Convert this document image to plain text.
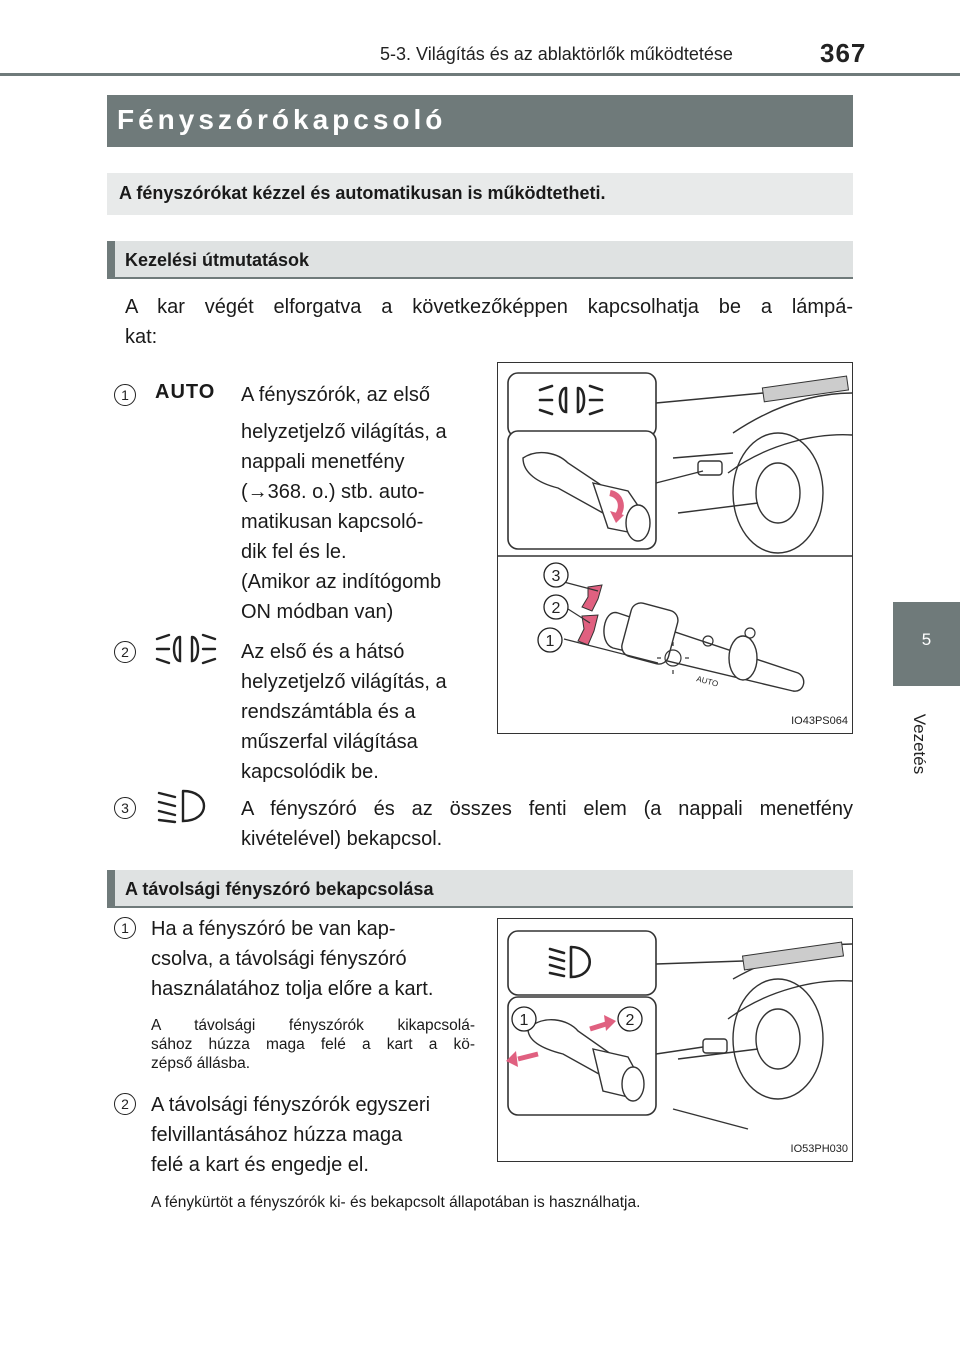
5-3. Világítás és az ablaktörlők működtetése	367
5
Vezetés
Fényszórókapcsoló
A fényszórókat kézzel és automatikusan is működtetheti.
Kezelési útmutatások
A kar végét elforgatva a következőképpen kapcsolhatja be a lámpá-
kat:
1	AUTO A fényszórók, az első
helyzetjelző világítás, a
nappali menetfény
(→368. o.) stb. auto-
matikusan kapcsoló-
dik fel és le.
(Amikor az indítógomb
ON módban van)
2	Az első és a hátsó
helyzetjelző világítás, a
rendszámtábla és a
műszerfal világítása
kapcsolódik be.
3	A fényszóró és az összes fenti elem (a nappali menetfény
kivételével) bekapcsol.
3
2
1
AUTO
IO43PS064
A távolsági fényszóró bekapcsolása
1	Ha a fényszóró be van kap-
csolva, a távolsági fényszóró
használatához tolja előre a kart.
A távolsági fényszórók kikapcsolá-
sához húzza maga felé a kart a kö-
zépső állásba.
2	A távolsági fényszórók egyszeri
felvillantásához húzza maga
felé a kart és engedje el.
A fénykürtöt a fényszórók ki- és bekapcsolt állapotában is használhatja.
1	2
IO53PH030
